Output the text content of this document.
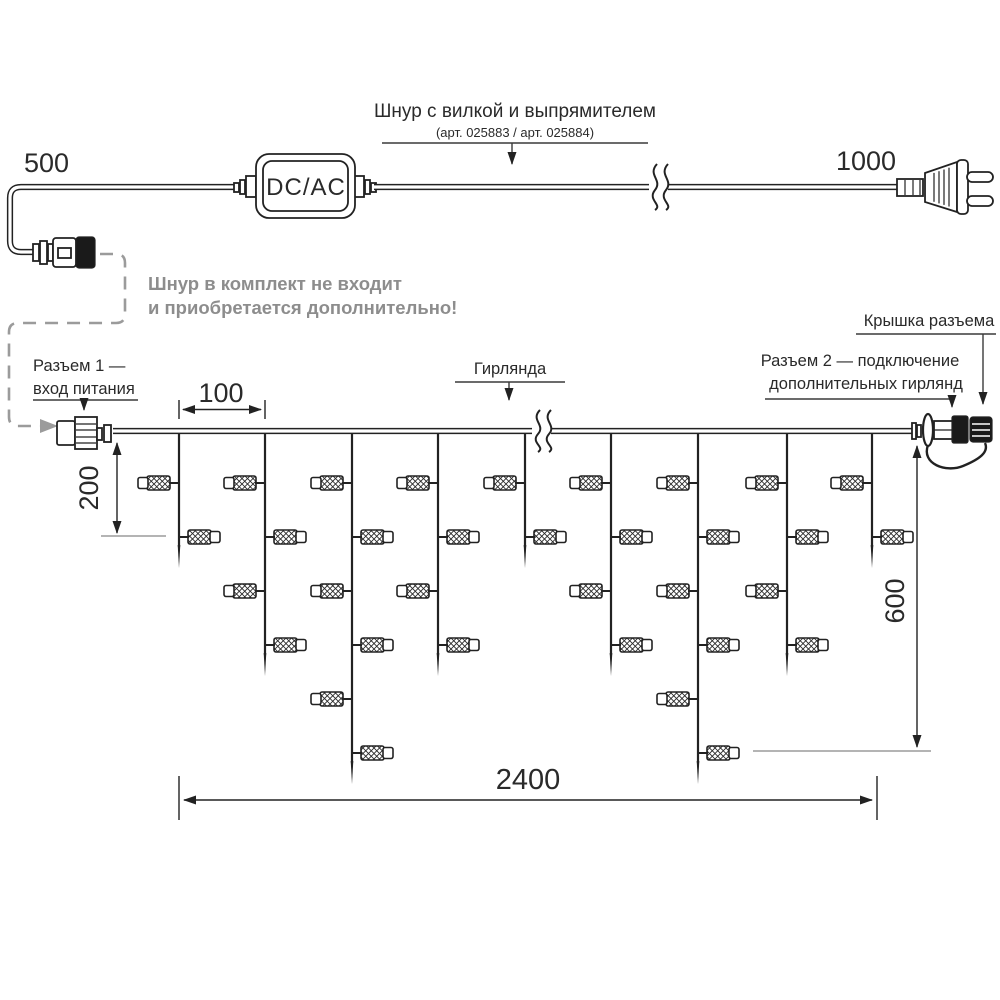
500
DC/AC
1000
Шнур с вилкой и выпрямителем
(арт. 025883 / арт. 025884)
Шнур в комплект не входит
и приобретается дополнительно!
Разъем 1 —
вход питания
Гирлянда	Разъем 2 — подключение
дополнительных гирлянд
Крышка разъема
100
200
600
2400
